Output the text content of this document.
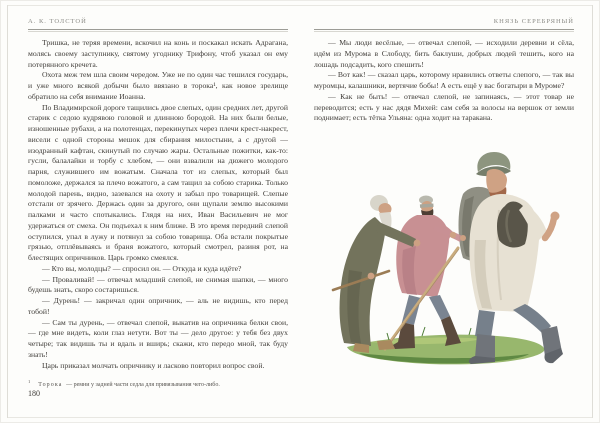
А. К. ТОЛСТОЙ

Тришка, не теряя времени, вскочил на конь и поскакал искать Адрагана, молясь своему заступнику, святому угоднику Трифону, чтоб указал он ему потерянного кречета.

Охота меж тем шла своим чередом. Уже не по один час тешился государь, и уже много всякой добычи было ввязано в торока¹, как новое зрелище обратило на себя внимание Иоанна.

По Владимирской дороге тащились двое слепых, один средних лет, другой старик с седою кудрявою головой и длинною бородой. На них были белые, изношенные рубахи, а на полотенцах, перекинутых через плечи крест-накрест, висели с одной стороны мешок для сбирания милостыни, а с другой — изодранный кафтан, скинутый по случаю жары. Остальные пожитки, как-то: гусли, балалайки и торбу с хлебом, — они взвалили на дюжего молодого парня, служившего им вожатым. Сначала тот из слепых, который был помоложе, держался за плечо вожатого, а сам тащил за собою старика. Только молодой парень, видно, зазевался на охоту и забыл про товарищей. Слепые отстали от зрячего. Держась один за другого, они щупали землю высокими палками и часто спотыкались. Глядя на них, Иван Васильевич не мог удержаться от смеха. Он подъехал к ним ближе. В это время передний слепой оступился, упал в лужу и потянул за собою товарища. Оба встали покрытые грязью, отплёвываясь и браня вожатого, который смотрел, разиня рот, на блестящих опричников. Царь громко смеялся.

— Кто вы, молодцы? — спросил он. — Откуда и куда идёте?

— Проваливай! — отвечал младший слепой, не снимая шапки, — много будешь знать, скоро состаришься.

— Дурень! — закричал один опричник, — аль не видишь, кто перед тобой!

— Сам ты дурень, — отвечал слепой, выкатив на опричника белки свои, — где мне видеть, коли глаз нетути. Вот ты — дело другое: у тебя без двух четыре; так видишь ты и вдаль и вширь; скажи, кто передо мной, так буду знать!

Царь приказал молчать опричнику и ласково повторил вопрос свой.

$^1$Торока — ремни у задней части седла для привязывания чего-либо.
180
КНЯЗЬ СЕРЕБРЯНЫЙ

— Мы люди весёлые, — отвечал слепой, — исходили деревни и сёла, идём из Мурома в Слободу, бить баклуши, добрых людей тешить, кого на лошадь подсадить, кого спешить!

— Вот как! — сказал царь, которому нравились ответы слепого, — так вы муромцы, калашники, вертячие бобы! А есть ещё у вас богатыри в Муроме?

— Как не быть! — отвечал слепой, не запинаясь, — этот товар не переводится; есть у нас дядя Михей: сам себя за волосы на вершок от земли поднимает; есть тётка Ульяна: одна ходит на таракана.
